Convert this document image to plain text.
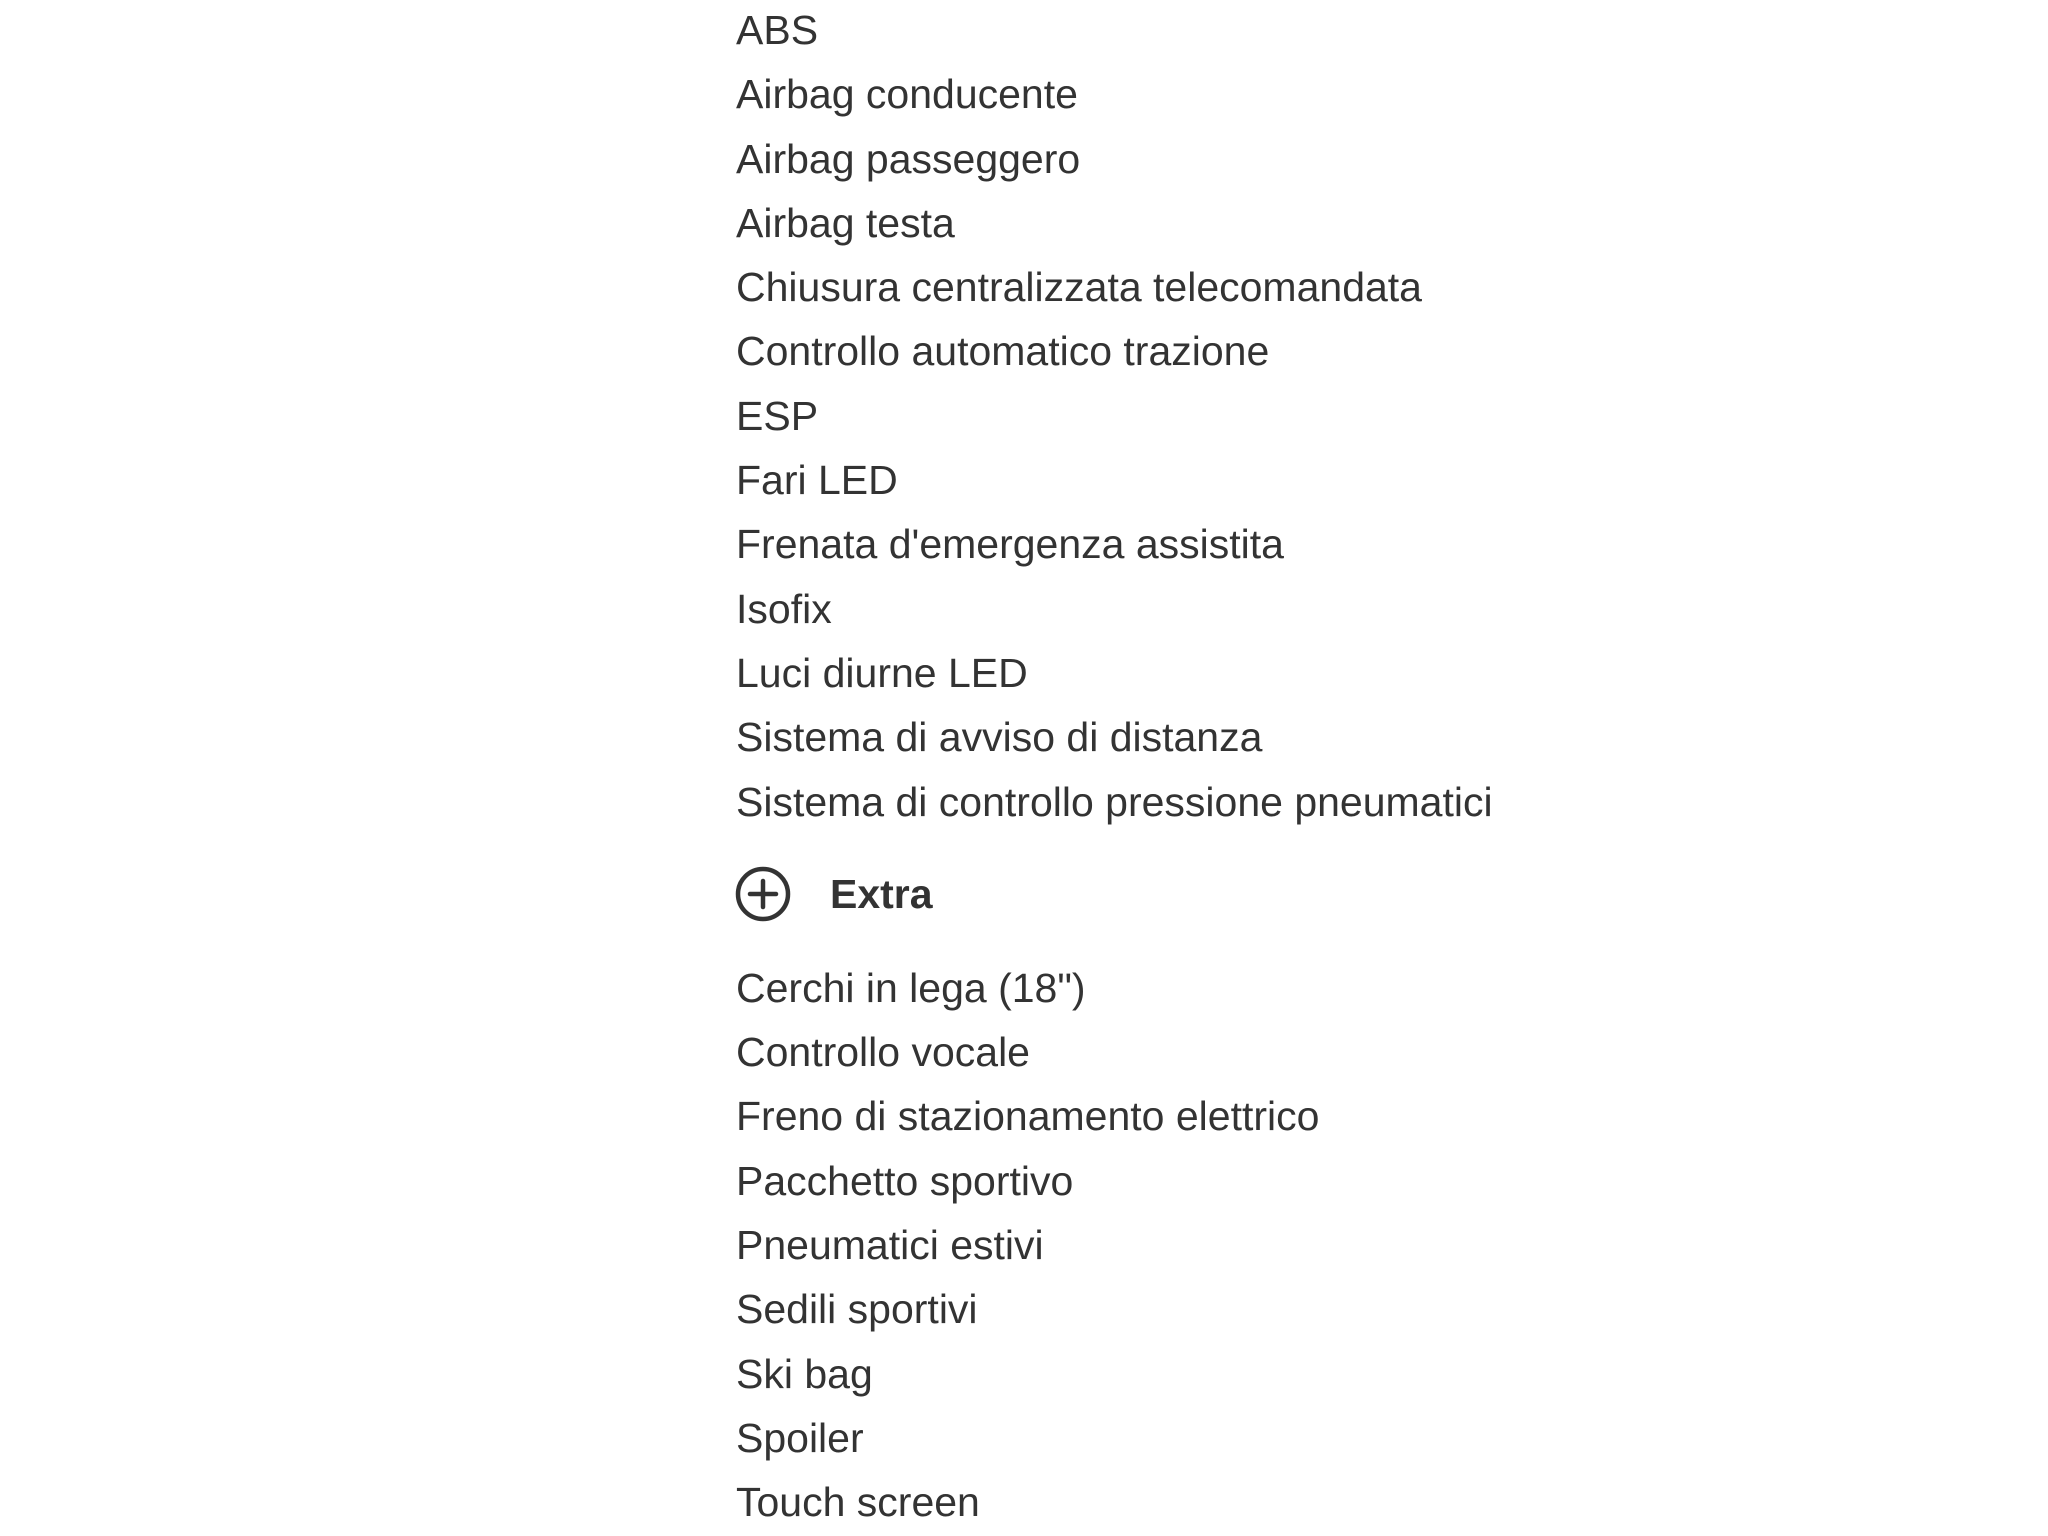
ABS
Airbag conducente
Airbag passeggero
Airbag testa
Chiusura centralizzata telecomandata
Controllo automatico trazione
ESP
Fari LED
Frenata d'emergenza assistita
Isofix
Luci diurne LED
Sistema di avviso di distanza
Sistema di controllo pressione pneumatici
Extra
Cerchi in lega (18")
Controllo vocale
Freno di stazionamento elettrico
Pacchetto sportivo
Pneumatici estivi
Sedili sportivi
Ski bag
Spoiler
Touch screen
